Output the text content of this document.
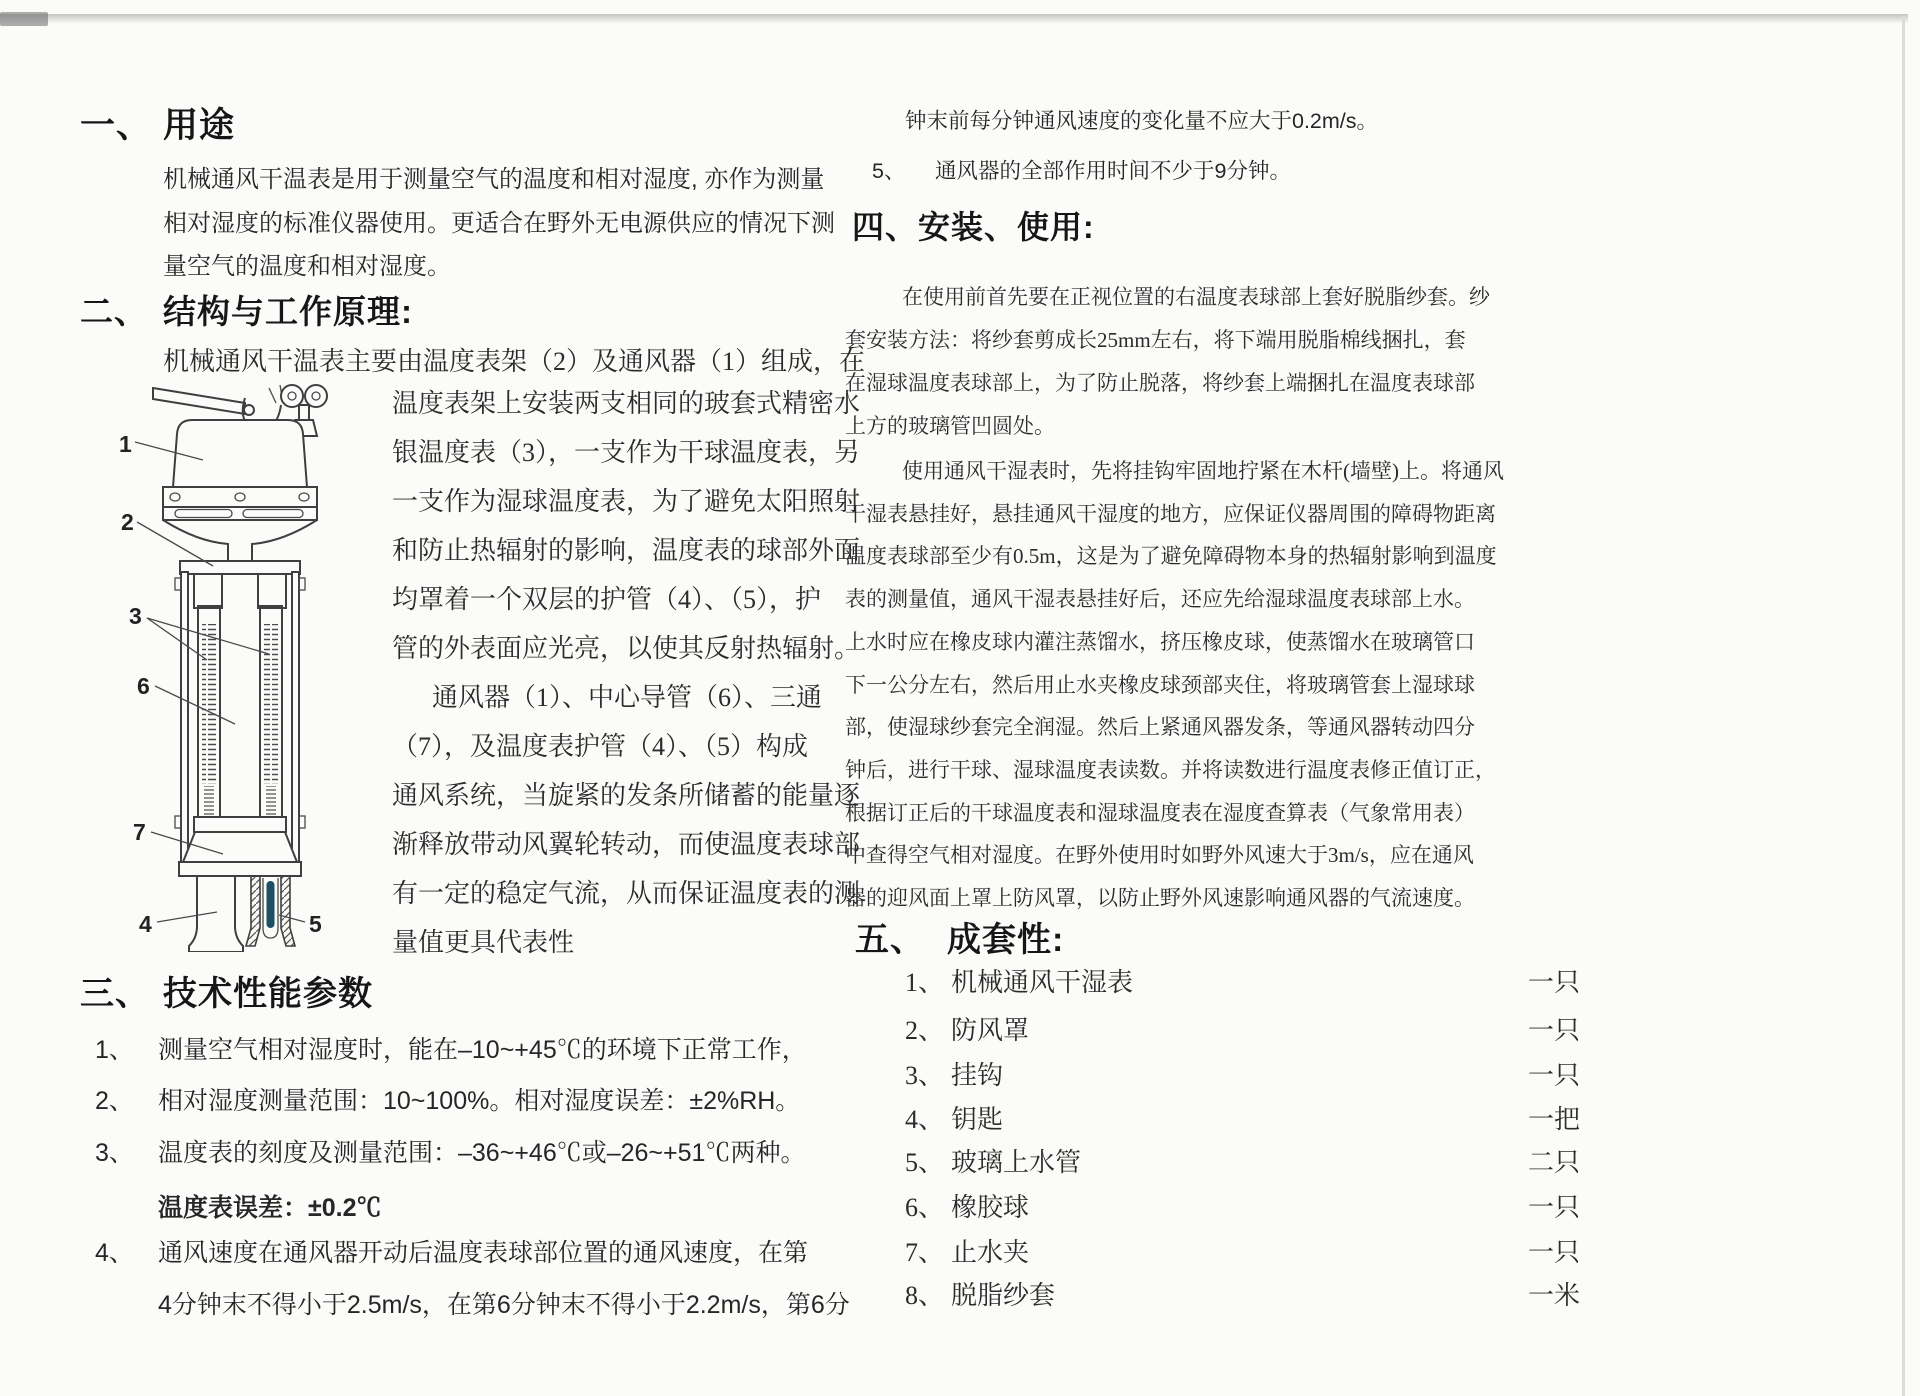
一、 用途
机械通风干温表是用于测量空气的温度和相对湿度, 亦作为测量
相对湿度的标准仪器使用。更适合在野外无电源供应的情况下测
量空气的温度和相对湿度。
二、 结构与工作原理:
机械通风干温表主要由温度表架（2）及通风器（1）组成，在
1
2
3
6
7
4	5
温度表架上安装两支相同的玻套式精密水
银温度表（3），一支作为干球温度表，另
一支作为湿球温度表，为了避免太阳照射
和防止热辐射的影响，温度表的球部外面
均罩着一个双层的护管（4）、（5），护
管的外表面应光亮，以使其反射热辐射。
通风器（1）、中心导管（6）、三通
（7），及温度表护管（4）、（5）构成
通风系统，当旋紧的发条所储蓄的能量逐
渐释放带动风翼轮转动，而使温度表球部
有一定的稳定气流，从而保证温度表的测
量值更具代表性
三、 技术性能参数
1、 测量空气相对湿度时，能在–10~+45℃的环境下正常工作，
2、 相对湿度测量范围：10~100%。相对湿度误差：±2%RH。
3、 温度表的刻度及测量范围：–36~+46℃或–26~+51℃两种。
温度表误差：±0.2℃
4、 通风速度在通风器开动后温度表球部位置的通风速度，在第
4分钟末不得小于2.5m/s，在第6分钟末不得小于2.2m/s，第6分
钟末前每分钟通风速度的变化量不应大于0.2m/s。
5、	通风器的全部作用时间不少于9分钟。
四、安装、使用:
在使用前首先要在正视位置的右温度表球部上套好脱脂纱套。纱
套安装方法：将纱套剪成长25mm左右，将下端用脱脂棉线捆扎，套
在湿球温度表球部上，为了防止脱落，将纱套上端捆扎在温度表球部
上方的玻璃管凹圆处。
使用通风干湿表时，先将挂钩牢固地拧紧在木杆(墙壁)上。将通风
干湿表悬挂好，悬挂通风干湿度的地方，应保证仪器周围的障碍物距离
温度表球部至少有0.5m，这是为了避免障碍物本身的热辐射影响到温度
表的测量值，通风干湿表悬挂好后，还应先给湿球温度表球部上水。
上水时应在橡皮球内灌注蒸馏水，挤压橡皮球，使蒸馏水在玻璃管口
下一公分左右，然后用止水夹橡皮球颈部夹住，将玻璃管套上湿球球
部，使湿球纱套完全润湿。然后上紧通风器发条，等通风器转动四分
钟后，进行干球、湿球温度表读数。并将读数进行温度表修正值订正，
根据订正后的干球温度表和湿球温度表在湿度查算表（气象常用表）
中查得空气相对湿度。在野外使用时如野外风速大于3m/s，应在通风
器的迎风面上罩上防风罩，以防止野外风速影响通风器的气流速度。
五、 成套性:
1、 机械通风干湿表	一只
2、 防风罩	一只
3、 挂钩	一只
4、 钥匙	一把
5、 玻璃上水管	二只
6、 橡胶球	一只
7、 止水夹	一只
8、 脱脂纱套	一米
